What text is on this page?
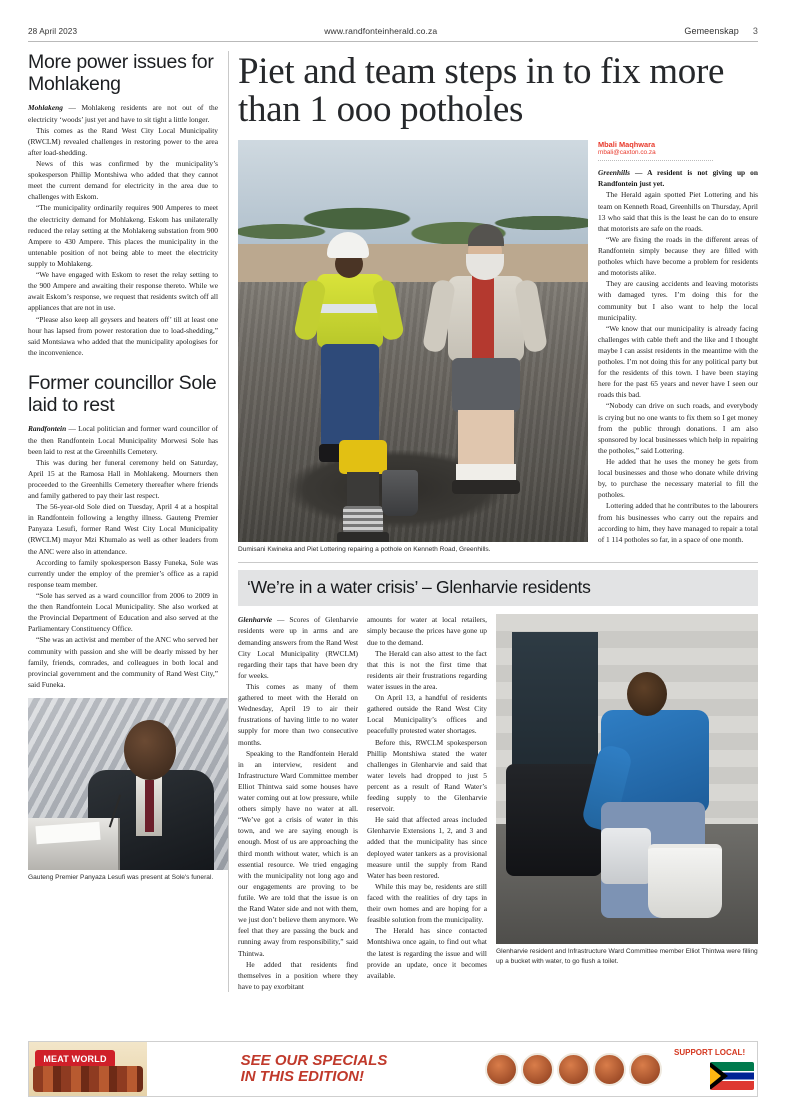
28 April 2023	www.randfonteinherald.co.za	Gemeenskap 3
More power issues for Mohlakeng

Mohlakeng — Mohlakeng residents are not out of the electricity ‘woods’ just yet and have to sit tight a little longer.

This comes as the Rand West City Local Municipality (RWCLM) revealed challenges in restoring power to the area after load-shedding.

News of this was confirmed by the municipality’s spokesperson Phillip Montshiwa who added that they cannot meet the current demand for electricity in the area due to challenges with Eskom.

“The municipality ordinarily requires 900 Amperes to meet the electricity demand for Mohlakeng. Eskom has unilaterally reduced the relay setting at the Mohlakeng substation from 900 Ampere to 430 Ampere. This places the municipality in the untenable position of not being able to meet the electricity supply to Mohlakeng.

“We have engaged with Eskom to reset the relay setting to the 900 Ampere and awaiting their response thereto. While we await Eskom’s response, we request that residents switch off all appliances that are not in use.

“Please also keep all geysers and heaters off’ till at least one hour has lapsed from power restoration due to load-shedding,” said Montsiawa who added that the municipality apologises for the inconvenience.

Former councillor Sole laid to rest

Randfontein — Local politician and former ward councillor of the then Randfontein Local Municipality Morwesi Sole has been laid to rest at the Greenhills Cemetery.

This was during her funeral ceremony held on Saturday, April 15 at the Ramosa Hall in Mohlakeng. Mourners then proceeded to the Greenhills Cemetery thereafter where friends and family gathered to pay their last respect.

The 56-year-old Sole died on Tuesday, April 4 at a hospital in Randfontein following a lengthy illness. Gauteng Premier Panyaza Lesufi, former Rand West City Local Municipality (RWCLM) mayor Mzi Khumalo as well as other leaders from the ANC were also in attendance.

According to family spokesperson Bassy Funeka, Sole was currently under the employ of the premier’s office as a rapid response team member.

“Sole has served as a ward councillor from 2006 to 2009 in the then Randfontein Local Municipality. She also worked at the Provincial Department of Education and also served at the Parliamentary Constituency Office.

“She was an activist and member of the ANC who served her community with passion and she will be dearly missed by her family, friends, comrades, and colleagues in both local and provincial government and the community of Rand West City,” said Funeka.

Gauteng Premier Panyaza Lesufi was present at Sole's funeral.
Piet and team steps in to fix more than 1 ooo potholes
Dumisani Kwineka and Piet Lottering repairing a pothole on Kenneth Road, Greenhills.
Mbali Maqhwara
mbali@caxton.co.za

Greenhills — A resident is not giving up on Randfontein just yet.

The Herald again spotted Piet Lottering and his team on Kenneth Road, Greenhills on Thursday, April 13 who said that this is the least he can do to ensure that motorists are safe on the roads.

“We are fixing the roads in the different areas of Randfontein simply because they are filled with potholes which have become a problem for residents and motorists alike.

They are causing accidents and leaving motorists with damaged tyres. I’m doing this for the community but I also want to help the local municipality.

“We know that our municipality is already facing challenges with cable theft and the like and I thought maybe I can assist residents in the meantime with the potholes. I’m not doing this for any political party but for the residents of this town. I have been staying here for the past 65 years and never have I seen our roads this bad.

“Nobody can drive on such roads, and everybody is crying but no one wants to fix them so I get money from the public through donations. I am also sponsored by local businesses which help in repairing the potholes,” said Lottering.

He added that he uses the money he gets from local businesses and those who donate while driving by, to purchase the necessary material to fill the potholes.

Lottering added that he contributes to the labourers from his businesses who carry out the repairs and according to him, they have managed to repair a total of 1 114 potholes so far, in a space of one month.

‘We’re in a water crisis’ – Glenharvie residents

Glenharvie — Scores of Glenharvie residents were up in arms and are demanding answers from the Rand West City Local Municipality (RWCLM) regarding their taps that have been dry for weeks.

This comes as many of them gathered to meet with the Herald on Wednesday, April 19 to air their frustrations of having little to no water supply for more than two consecutive months.

Speaking to the Randfontein Herald in an interview, resident and Infrastructure Ward Committee member Elliot Thintwa said some houses have water coming out at low pressure, while others simply have no water at all. “We’ve got a crisis of water in this town, and we are saying enough is enough. Most of us are approaching the third month without water, which is an essential resource. We tried engaging with the municipality not long ago and our engagements are proving to be futile. We are told that the issue is on the Rand Water side and not with them, we just don’t believe them anymore. We feel that they are passing the buck and running away from responsibility,” said Thintwa.

He added that residents find themselves in a position where they have to pay exorbitant

amounts for water at local retailers, simply because the prices have gone up due to the demand.

The Herald can also attest to the fact that this is not the first time that residents air their frustrations regarding water issues in the area.

On April 13, a handful of residents gathered outside the Rand West City Local Municipality’s offices and peacefully protested water shortages.

Before this, RWCLM spokesperson Phillip Montshiwa stated the water challenges in Glenharvie and said that water levels had dropped to just 5 percent as a result of Rand Water’s feeding supply to the Glenharvie reservoir.

He said that affected areas included Glenharvie Extensions 1, 2, and 3 and added that the municipality has since deployed water tankers as a provisional measure until the supply from Rand Water has been restored.

While this may be, residents are still faced with the realities of dry taps in their own homes and are hoping for a feasible solution from the municipality.

The Herald has since contacted Montshiwa once again, to find out what the latest is regarding the issue and will provide an update, once it becomes available.

Glenharvie resident and Infrastructure Ward Committee member Elliot Thintwa were filling up a bucket with water, to go flush a toilet.
MEAT WORLD	SEE OUR SPECIALS
IN THIS EDITION!
SUPPORT LOCAL!
